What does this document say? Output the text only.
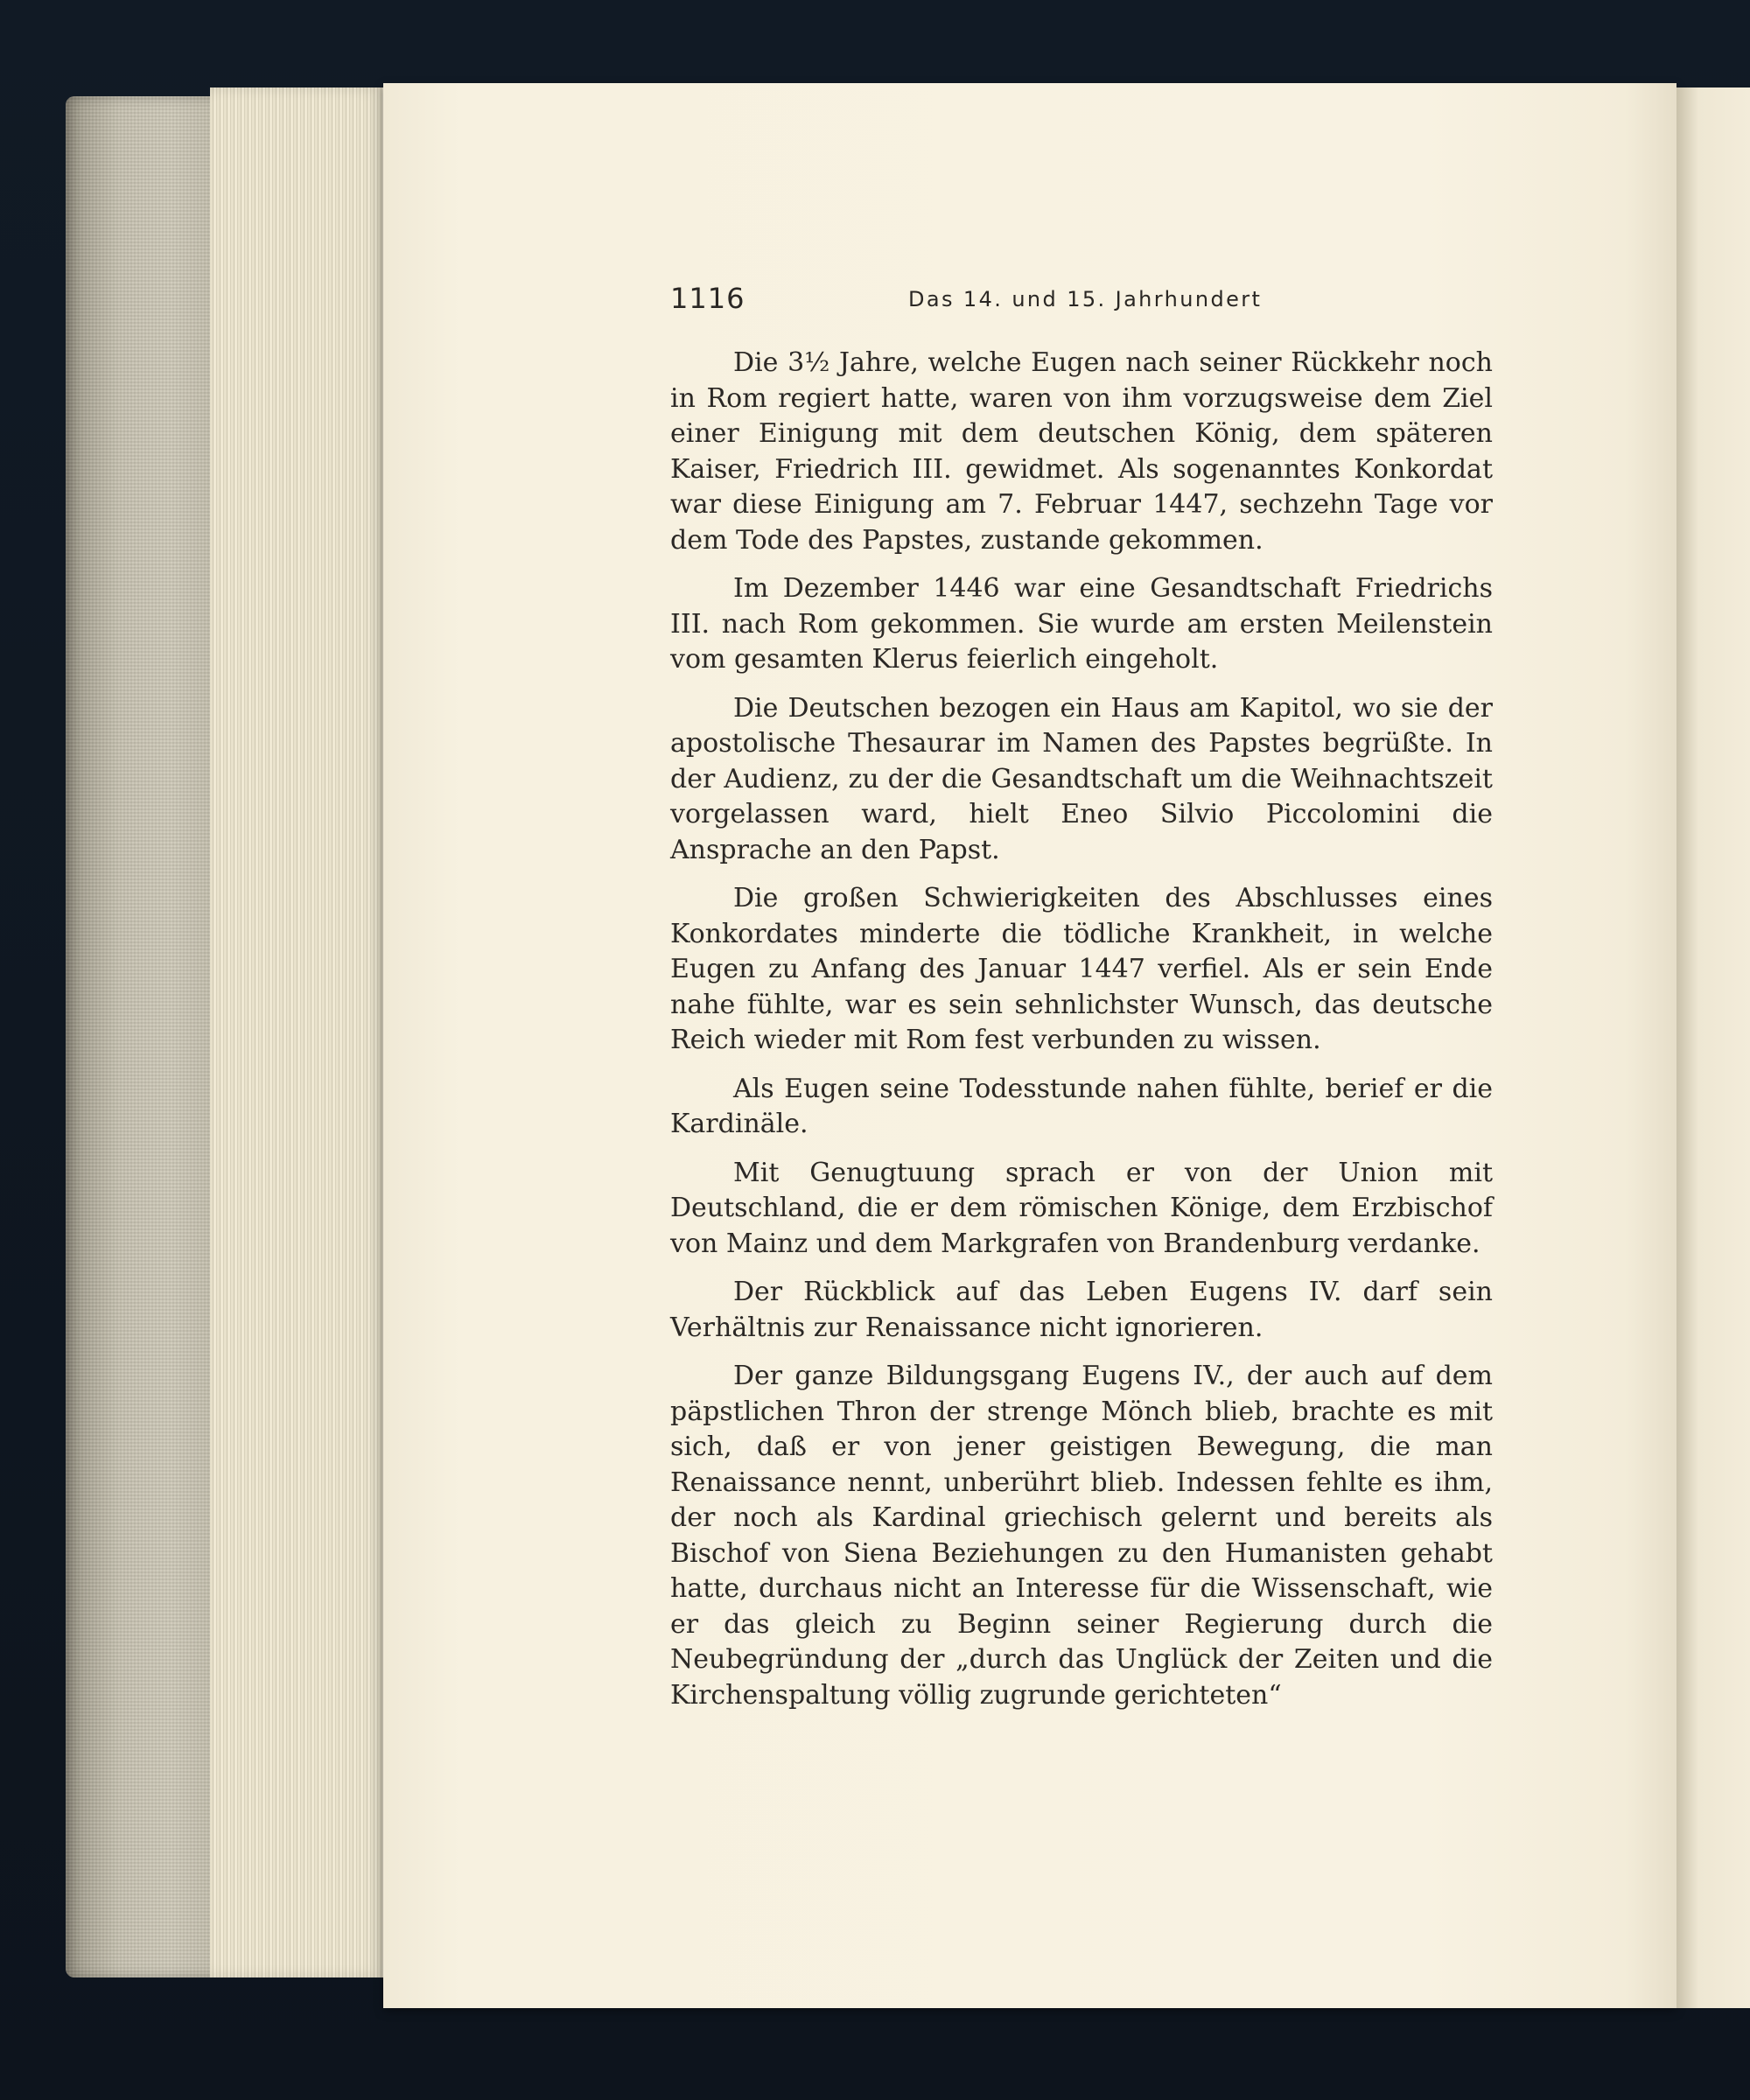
1116	Das 14. und 15. Jahrhundert

Die 3½ Jahre, welche Eugen nach seiner Rückkehr noch in Rom regiert hatte, waren von ihm vorzugsweise dem Ziel einer Einigung mit dem deutschen König, dem späteren Kaiser, Friedrich III. gewidmet. Als sogenanntes Konkordat war diese Einigung am 7. Februar 1447, sechzehn Tage vor dem Tode des Papstes, zustande gekommen.

Im Dezember 1446 war eine Gesandtschaft Friedrichs III. nach Rom gekommen. Sie wurde am ersten Meilenstein vom gesamten Klerus feierlich eingeholt.

Die Deutschen bezogen ein Haus am Kapitol, wo sie der apostolische Thesaurar im Namen des Papstes begrüßte. In der Audienz, zu der die Gesandtschaft um die Weihnachtszeit vorgelassen ward, hielt Eneo Silvio Piccolomini die Ansprache an den Papst.

Die großen Schwierigkeiten des Abschlusses eines Konkordates minderte die tödliche Krankheit, in welche Eugen zu Anfang des Januar 1447 verfiel. Als er sein Ende nahe fühlte, war es sein sehnlichster Wunsch, das deutsche Reich wieder mit Rom fest verbunden zu wissen.

Als Eugen seine Todesstunde nahen fühlte, berief er die Kardinäle.

Mit Genugtuung sprach er von der Union mit Deutschland, die er dem römischen Könige, dem Erzbischof von Mainz und dem Markgrafen von Brandenburg verdanke.

Der Rückblick auf das Leben Eugens IV. darf sein Verhältnis zur Renaissance nicht ignorieren.

Der ganze Bildungsgang Eugens IV., der auch auf dem päpstlichen Thron der strenge Mönch blieb, brachte es mit sich, daß er von jener geistigen Bewegung, die man Renaissance nennt, unberührt blieb. Indessen fehlte es ihm, der noch als Kardinal griechisch gelernt und bereits als Bischof von Siena Beziehungen zu den Humanisten gehabt hatte, durchaus nicht an Interesse für die Wissenschaft, wie er das gleich zu Beginn seiner Regierung durch die Neubegründung der „durch das Unglück der Zeiten und die Kirchenspaltung völlig zugrunde gerichteten“
